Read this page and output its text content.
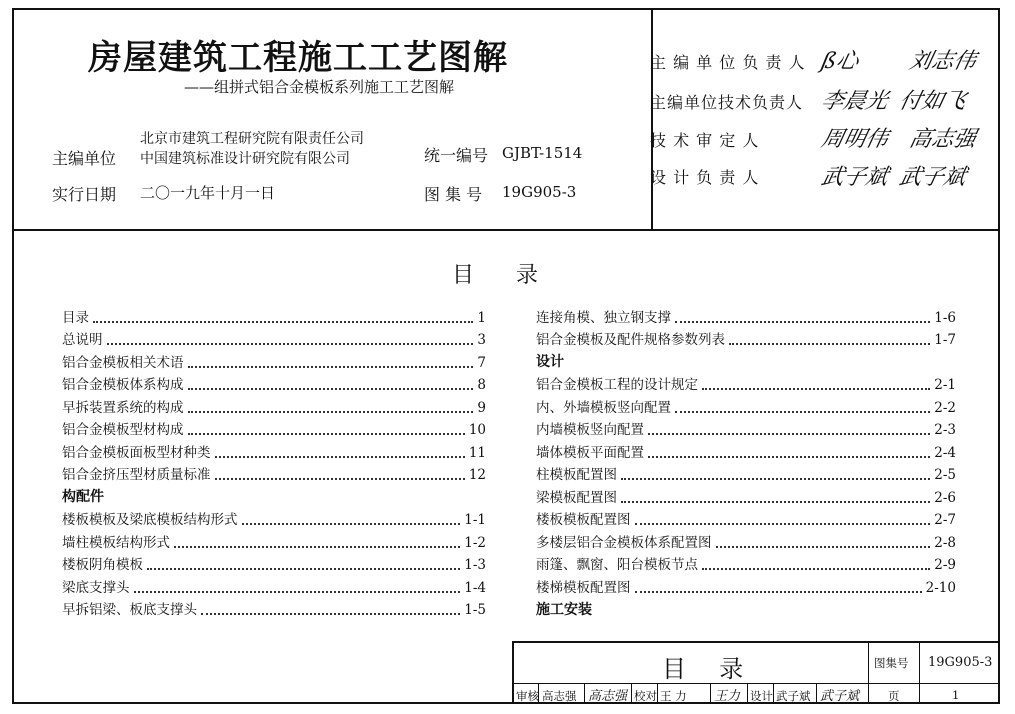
房屋建筑工程施工工艺图解
——组拼式铝合金模板系列施工工艺图解
主编单位
北京市建筑工程研究院有限责任公司
中国建筑标准设计研究院有限公司	统一编号 GJBT-1514
实行日期 二〇一九年十月一日	图 集 号 19G905-3
主 编 单 位 负 责 人 ß心 刘志伟
主编单位技术负责人 李晨光 付如飞
技 术 审 定 人	周明伟 高志强
设 计 负 责 人	武子斌 武子斌
目      录
目录	1
总说明	3
铝合金模板相关术语	7
铝合金模板体系构成	8
早拆装置系统的构成	9
铝合金模板型材构成	10
铝合金模板面板型材种类	11
铝合金挤压型材质量标准	12
构配件
楼板模板及梁底模板结构形式	1-1
墙柱模板结构形式	1-2
楼板阴角模板	1-3
梁底支撑头	1-4
早拆铝梁、板底支撑头	1-5
连接角模、独立钢支撑	1-6
铝合金模板及配件规格参数列表	1-7
设计
铝合金模板工程的设计规定	2-1
内、外墙模板竖向配置	2-2
内墙模板竖向配置	2-3
墙体模板平面配置	2-4
柱模板配置图	2-5
梁模板配置图	2-6
楼板模板配置图	2-7
多楼层铝合金模板体系配置图	2-8
雨篷、飘窗、阳台模板节点	2-9
楼梯模板配置图	2-10
施工安装
目  录	图集号 19G905-3
审核 高志强 高志强 校对 王 力 王力 设计 武子斌 武子斌	页	1
